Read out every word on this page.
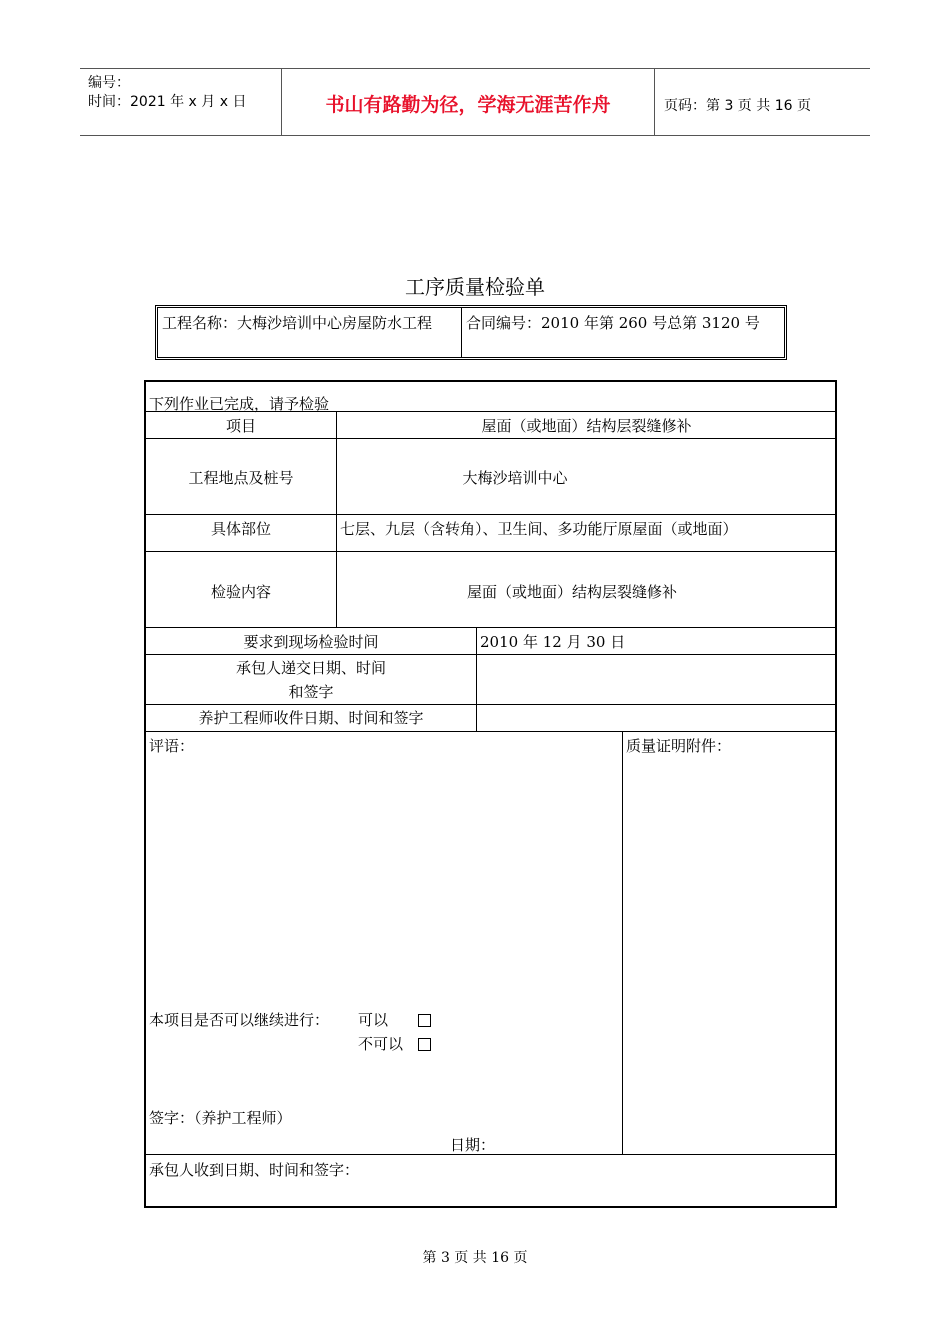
编号：
时间：2021 年 x 月 x 日	书山有路勤为径，学海无涯苦作舟	页码：第 3 页 共 16 页
工序质量检验单
工程名称：大梅沙培训中心房屋防水工程	合同编号：2010 年第 260 号总第 3120 号
下列作业已完成，请予检验
项目	屋面（或地面）结构层裂缝修补
工程地点及桩号	大梅沙培训中心
具体部位	七层、九层（含转角）、卫生间、多功能厅原屋面（或地面）
检验内容	屋面（或地面）结构层裂缝修补
要求到现场检验时间	2010 年 12 月 30 日
承包人递交日期、时间
和签字
养护工程师收件日期、时间和签字
评语：	质量证明附件：
本项目是否可以继续进行： 可以
不可以
签字：（养护工程师）
日期：
承包人收到日期、时间和签字：
第 3 页 共 16 页
